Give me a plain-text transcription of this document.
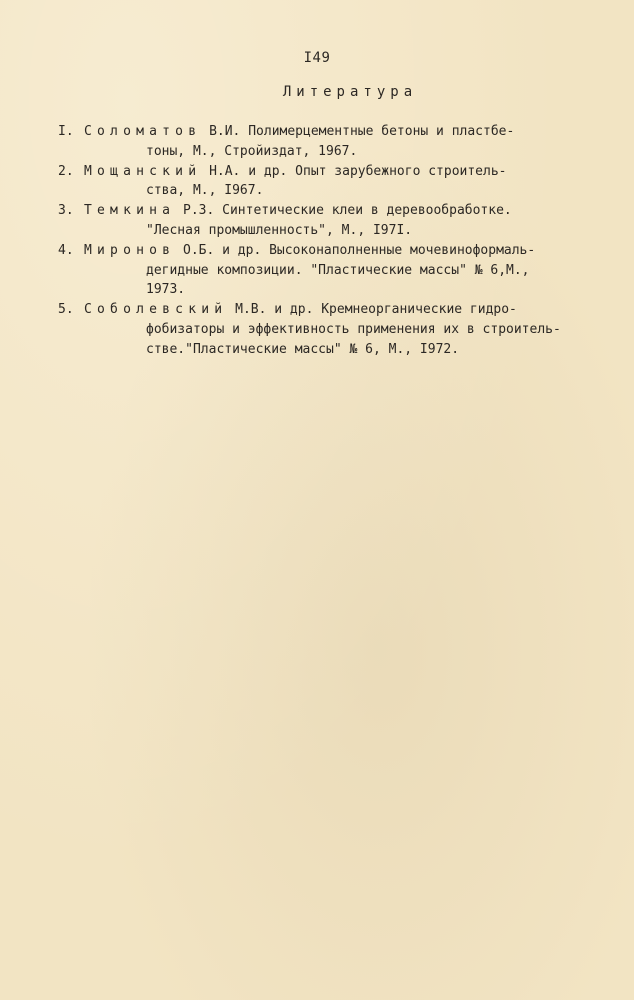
I49
Литература
I. Соломатов В.И. Полимерцементные бетоны и пластбе-
тоны, М., Стройиздат, 1967.
2. Мощанский Н.А. и др. Опыт зарубежного строитель-
ства, М., I967.
3. Темкина Р.З. Синтетические клеи в деревообработке.
"Лесная промышленность", М., I97I.
4. Миронов О.Б. и др. Высоконаполненные мочевиноформаль-
дегидные композиции. "Пластические массы" № 6,М.,
1973.
5. Соболевский М.В. и др. Кремнеорганические гидро-
фобизаторы и эффективность применения их в строитель-
стве."Пластические массы" № 6, М., I972.
